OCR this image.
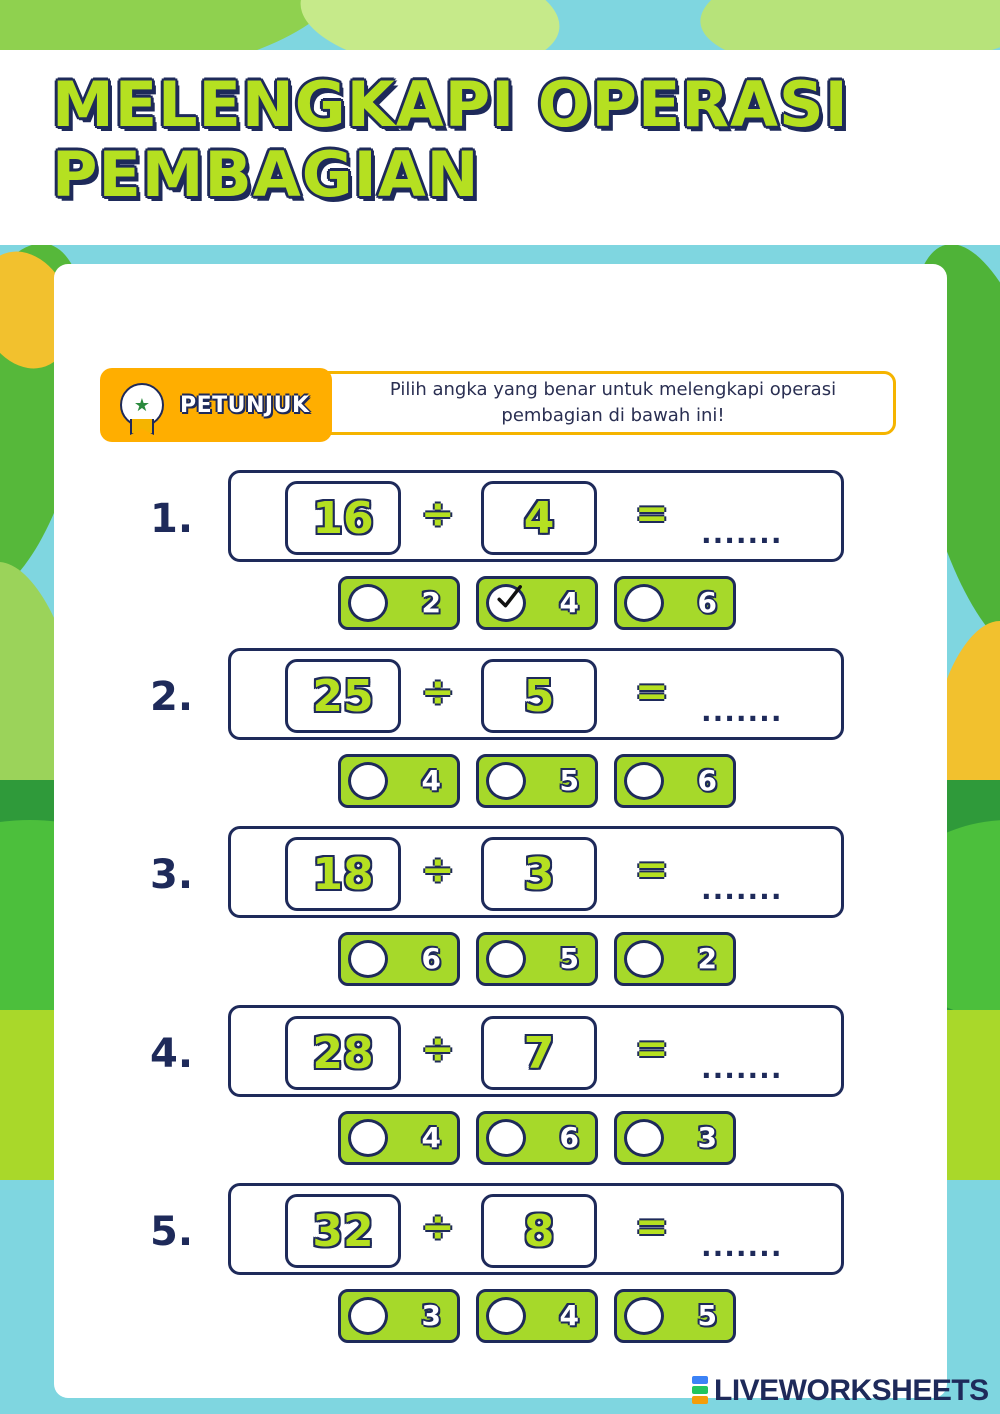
MELENGKAPI OPERASI
PEMBAGIAN
Pilih angka yang benar untuk melengkapi operasi pembagian di bawah ini!
★	PETUNJUK
1.	16	÷	4	= .......
2	4	6
2.	25	÷	5	= .......
4	5	6
3.	18	÷	3	= .......
6	5	2
4.	28	÷	7	= .......
4	6	3
5.	32	÷	8	= .......
3	4	5
LIVEWORKSHEETS
